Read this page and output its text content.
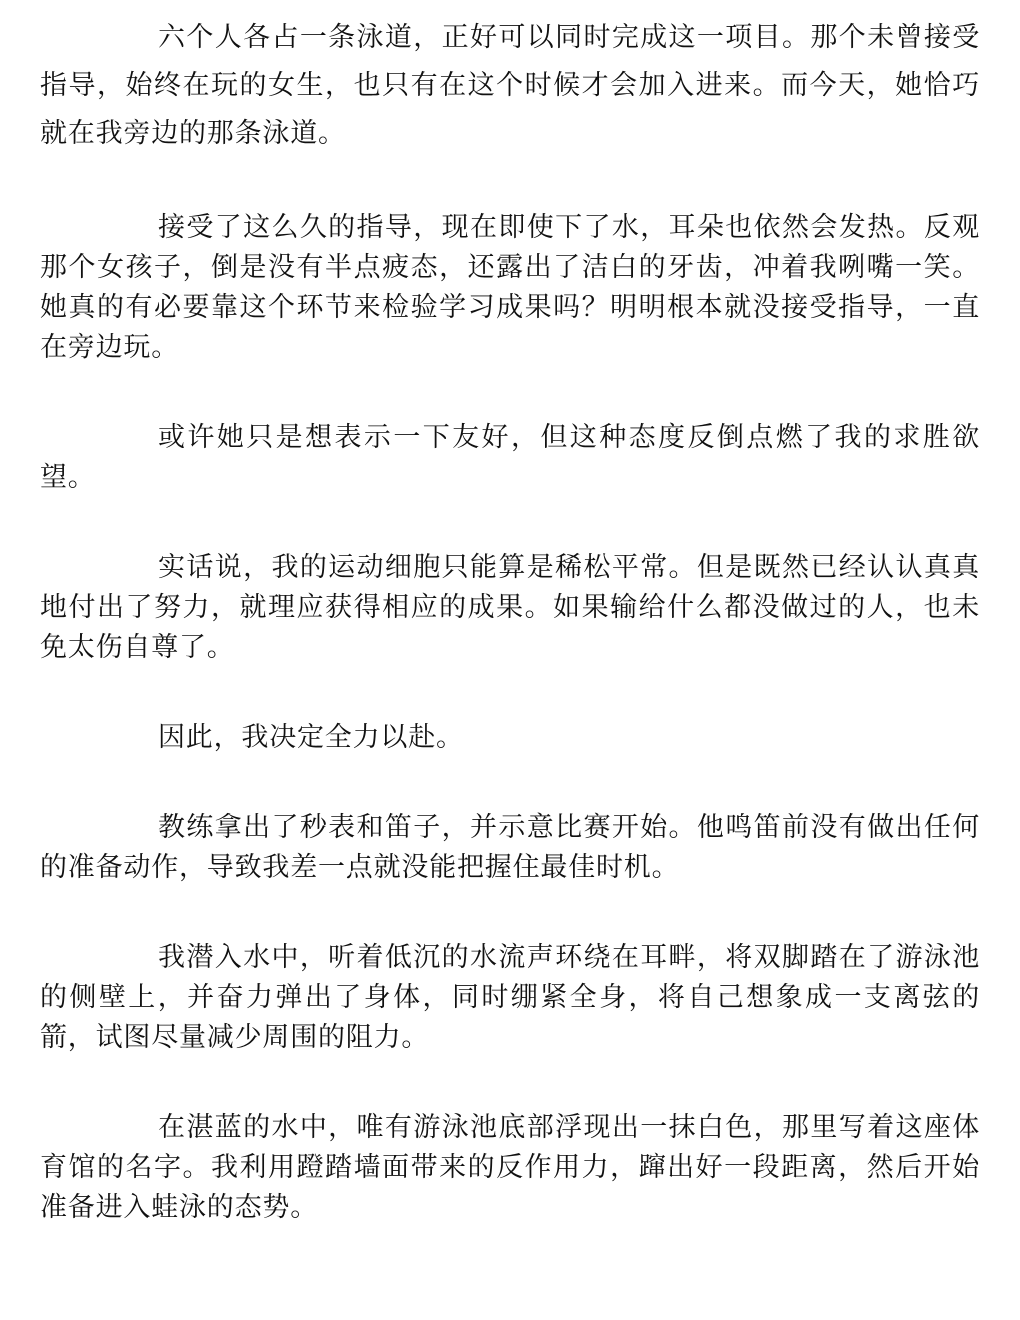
六个人各占一条泳道，正好可以同时完成这一项目。那个未曾接受指导，始终在玩的女生，也只有在这个时候才会加入进来。而今天，她恰巧就在我旁边的那条泳道。

接受了这么久的指导，现在即使下了水，耳朵也依然会发热。反观那个女孩子，倒是没有半点疲态，还露出了洁白的牙齿，冲着我咧嘴一笑。她真的有必要靠这个环节来检验学习成果吗？明明根本就没接受指导，一直在旁边玩。

或许她只是想表示一下友好，但这种态度反倒点燃了我的求胜欲望。

实话说，我的运动细胞只能算是稀松平常。但是既然已经认认真真地付出了努力，就理应获得相应的成果。如果输给什么都没做过的人，也未免太伤自尊了。

因此，我决定全力以赴。

教练拿出了秒表和笛子，并示意比赛开始。他鸣笛前没有做出任何的准备动作，导致我差一点就没能把握住最佳时机。

我潜入水中，听着低沉的水流声环绕在耳畔，将双脚踏在了游泳池的侧壁上，并奋力弹出了身体，同时绷紧全身，将自己想象成一支离弦的箭，试图尽量减少周围的阻力。

在湛蓝的水中，唯有游泳池底部浮现出一抹白色，那里写着这座体育馆的名字。我利用蹬踏墙面带来的反作用力，蹿出好一段距离，然后开始准备进入蛙泳的态势。
